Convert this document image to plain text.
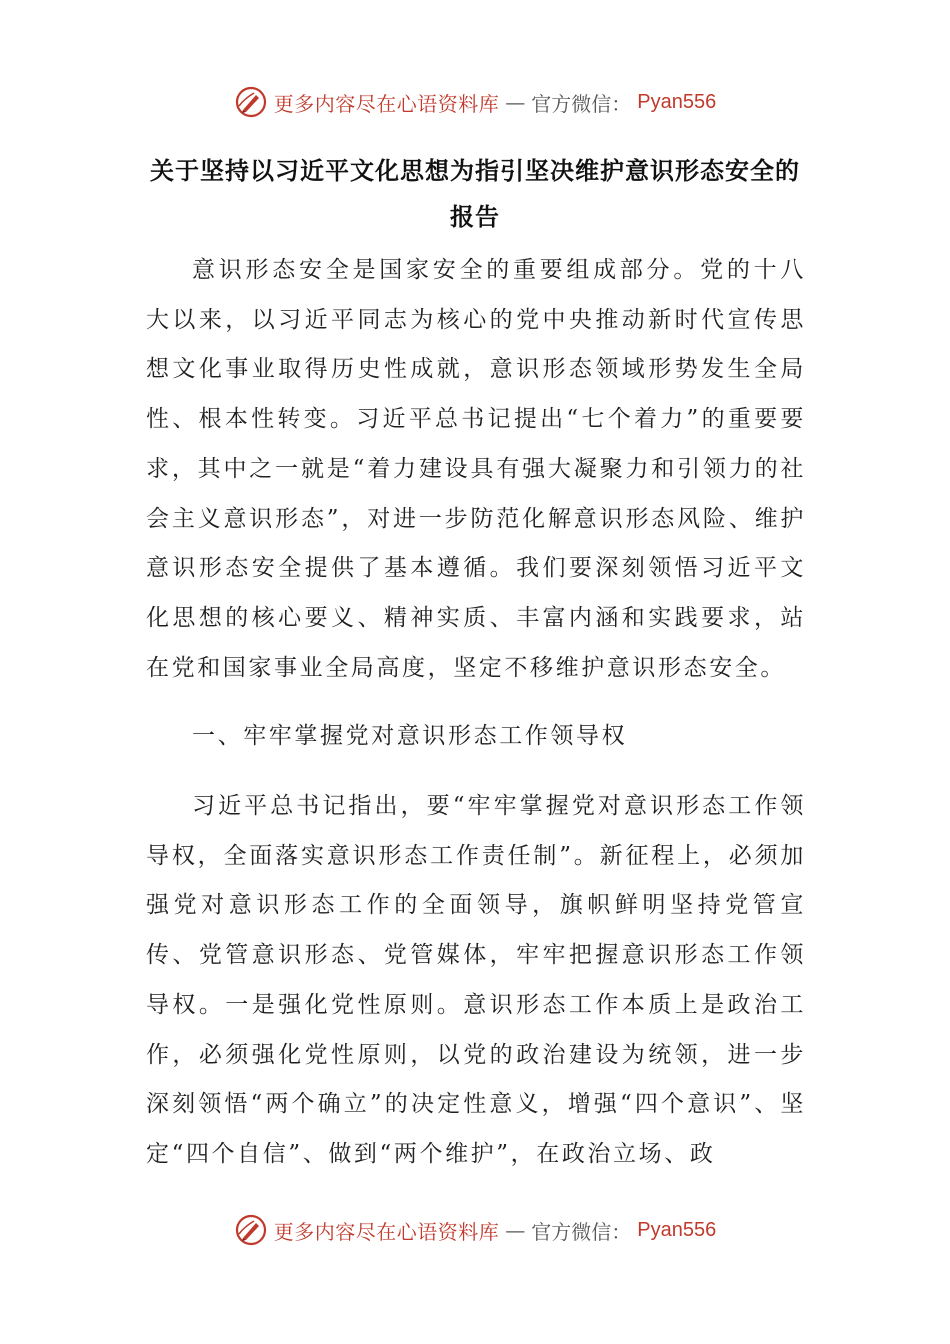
更多内容尽在心语资料库 — 官方微信： Pyan556
关于坚持以习近平文化思想为指引坚决维护意识形态安全的报告

意识形态安全是国家安全的重要组成部分。党的十八大以来，以习近平同志为核心的党中央推动新时代宣传思想文化事业取得历史性成就，意识形态领域形势发生全局性、根本性转变。习近平总书记提出“七个着力”的重要要求，其中之一就是“着力建设具有强大凝聚力和引领力的社会主义意识形态”，对进一步防范化解意识形态风险、维护意识形态安全提供了基本遵循。我们要深刻领悟习近平文化思想的核心要义、精神实质、丰富内涵和实践要求，站在党和国家事业全局高度，坚定不移维护意识形态安全。

一、牢牢掌握党对意识形态工作领导权

习近平总书记指出，要“牢牢掌握党对意识形态工作领导权，全面落实意识形态工作责任制”。新征程上，必须加强党对意识形态工作的全面领导，旗帜鲜明坚持党管宣传、党管意识形态、党管媒体，牢牢把握意识形态工作领导权。一是强化党性原则。意识形态工作本质上是政治工作，必须强化党性原则，以党的政治建设为统领，进一步深刻领悟“两个确立”的决定性意义，增强“四个意识”、坚定“四个自信”、做到“两个维护”，在政治立场、政

更多内容尽在心语资料库 — 官方微信： Pyan556
